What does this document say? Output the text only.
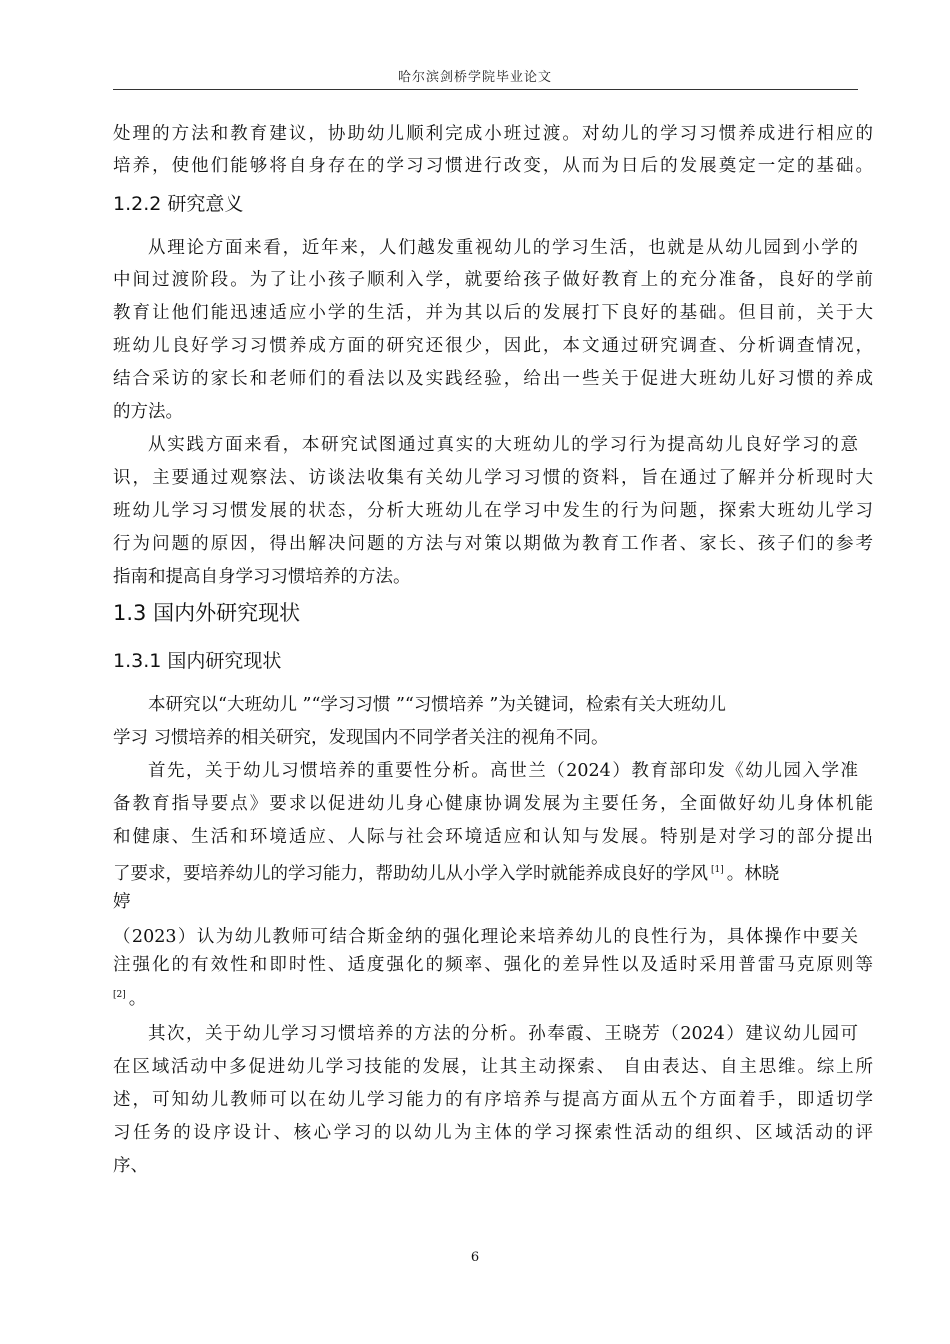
哈尔滨剑桥学院毕业论文
处理的方法和教育建议，协助幼儿顺利完成小班过渡。对幼儿的学习习惯养成进行相应的
培养，使他们能够将自身存在的学习习惯进行改变，从而为日后的发展奠定一定的基础。
1.2.2 研究意义
从理论方面来看，近年来，人们越发重视幼儿的学习生活，也就是从幼儿园到小学的
中间过渡阶段。为了让小孩子顺利入学，就要给孩子做好教育上的充分准备，良好的学前
教育让他们能迅速适应小学的生活，并为其以后的发展打下良好的基础。但目前，关于大
班幼儿良好学习习惯养成方面的研究还很少，因此，本文通过研究调查、分析调查情况，
结合采访的家长和老师们的看法以及实践经验，给出一些关于促进大班幼儿好习惯的养成
的方法。
从实践方面来看，本研究试图通过真实的大班幼儿的学习行为提高幼儿良好学习的意
识，主要通过观察法、访谈法收集有关幼儿学习习惯的资料，旨在通过了解并分析现时大
班幼儿学习习惯发展的状态，分析大班幼儿在学习中发生的行为问题，探索大班幼儿学习
行为问题的原因，得出解决问题的方法与对策以期做为教育工作者、家长、孩子们的参考
指南和提高自身学习习惯培养的方法。
1.3 国内外研究现状
1.3.1 国内研究现状
本研究以“大班幼儿 ”“学习习惯 ”“习惯培养 ”为关键词，检索有关大班幼儿
学习 习惯培养的相关研究，发现国内不同学者关注的视角不同。
首先，关于幼儿习惯培养的重要性分析。高世兰（2024）教育部印发《幼儿园入学准
备教育指导要点》要求以促进幼儿身心健康协调发展为主要任务，全面做好幼儿身体机能
和健康、生活和环境适应、人际与社会环境适应和认知与发展。特别是对学习的部分提出
了要求，要培养幼儿的学习能力，帮助幼儿从小学入学时就能养成良好的学风 [1] 。林晓
婷
（2023）认为幼儿教师可结合斯金纳的强化理论来培养幼儿的良性行为，具体操作中要关
注强化的有效性和即时性、适度强化的频率、强化的差异性以及适时采用普雷马克原则等
[2] 。
其次，关于幼儿学习习惯培养的方法的分析。孙奉霞、王晓芳（2024）建议幼儿园可
在区域活动中多促进幼儿学习技能的发展，让其主动探索、 自由表达、自主思维。综上所
述，可知幼儿教师可以在幼儿学习能力的有序培养与提高方面从五个方面着手，即适切学
习任务的设序设计、核心学习的以幼儿为主体的学习探索性活动的组织、区域活动的评
序、
6
